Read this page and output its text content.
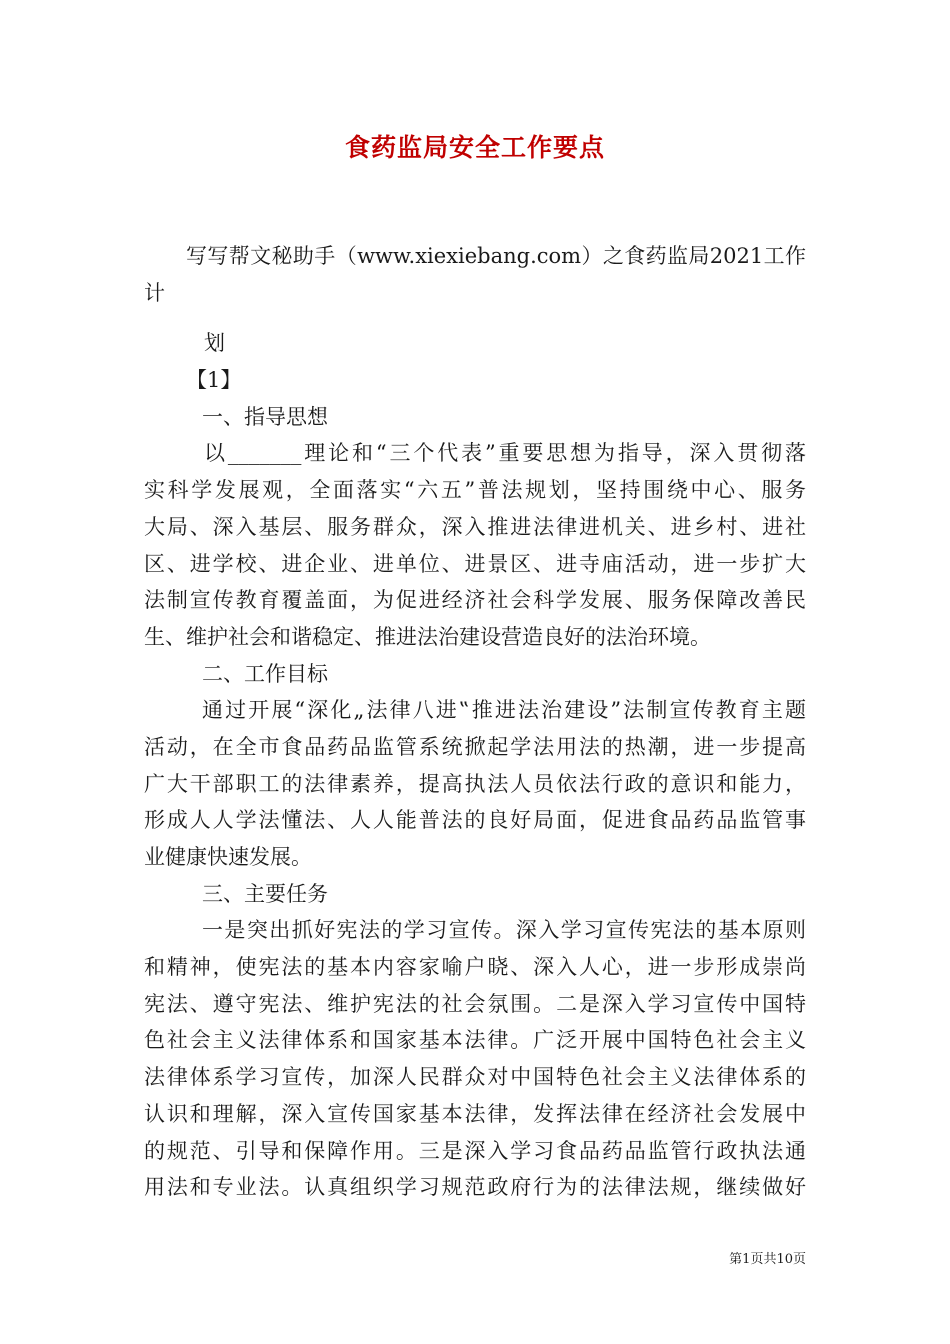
食药监局安全工作要点
写写帮文秘助手（www.xiexiebang.com）之食药监局2021工作
计
划
【1】
一、指导思想
以_______理论和“三个代表”重要思想为指导，深入贯彻落
实科学发展观，全面落实“六五”普法规划，坚持围绕中心、服务
大局、深入基层、服务群众，深入推进法律进机关、进乡村、进社
区、进学校、进企业、进单位、进景区、进寺庙活动，进一步扩大
法制宣传教育覆盖面，为促进经济社会科学发展、服务保障改善民
生、维护社会和谐稳定、推进法治建设营造良好的法治环境。
二、工作目标
通过开展“深化„法律八进‟推进法治建设”法制宣传教育主题
活动，在全市食品药品监管系统掀起学法用法的热潮，进一步提高
广大干部职工的法律素养，提高执法人员依法行政的意识和能力，
形成人人学法懂法、人人能普法的良好局面，促进食品药品监管事
业健康快速发展。
三、主要任务
一是突出抓好宪法的学习宣传。深入学习宣传宪法的基本原则
和精神，使宪法的基本内容家喻户晓、深入人心，进一步形成崇尚
宪法、遵守宪法、维护宪法的社会氛围。二是深入学习宣传中国特
色社会主义法律体系和国家基本法律。广泛开展中国特色社会主义
法律体系学习宣传，加深人民群众对中国特色社会主义法律体系的
认识和理解，深入宣传国家基本法律，发挥法律在经济社会发展中
的规范、引导和保障作用。三是深入学习食品药品监管行政执法通
用法和专业法。认真组织学习规范政府行为的法律法规，继续做好
第1页共10页
